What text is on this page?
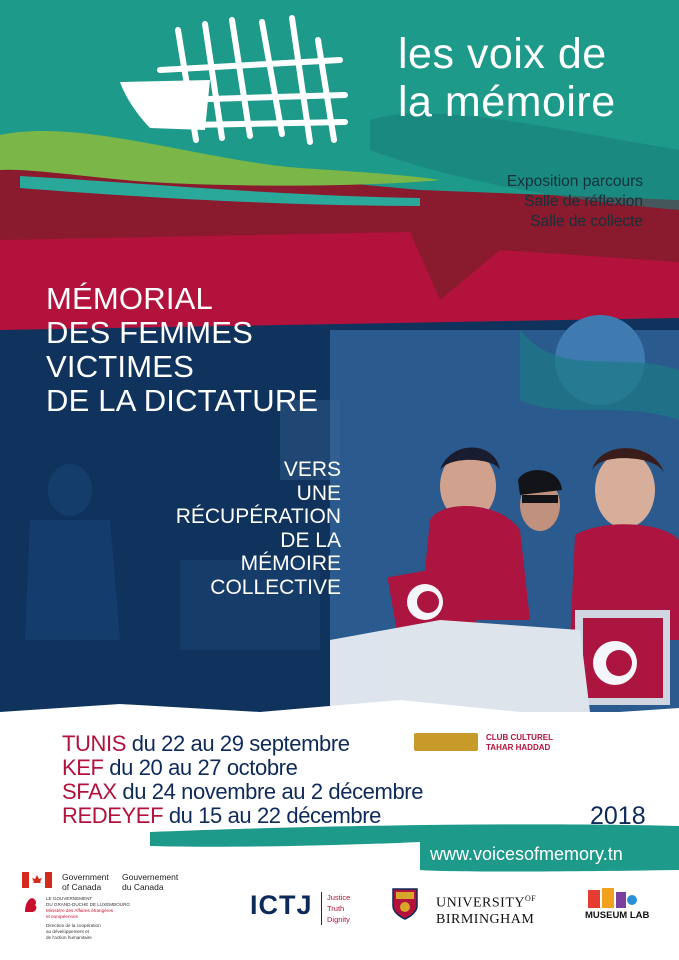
les voix de
la mémoire
Exposition parcours
Salle de réflexion
Salle de collecte
MÉMORIAL
DES FEMMES
VICTIMES
DE LA DICTATURE
VERS
UNE
RÉCUPÉRATION
DE LA
MÉMOIRE
COLLECTIVE
TUNIS du 22 au 29 septembre
KEF du 20 au 27 octobre
SFAX du 24 novembre au 2 décembre
REDEYEF du 15 au 22 décembre
CLUB CULTUREL
TAHAR HADDAD
2018
www.voicesofmemory.tn
Government
of Canada
Gouvernement
du Canada
LE GOUVERNEMENT
DU GRAND-DUCHÉ DE LUXEMBOURG
Ministère des Affaires étrangères
et européennes
Direction de la coopération
au développement et
de l'action humanitaire
ICTJ Justice
Truth
Dignity
$UNIVERSITY^{OF}$
BIRMINGHAM	MUSEUM LAB
